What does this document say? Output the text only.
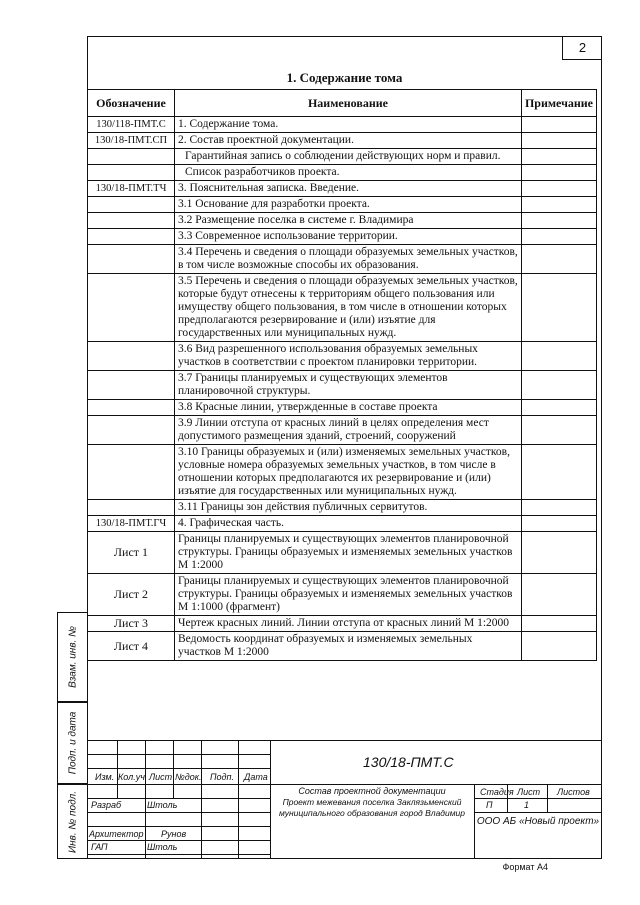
2
1. Содержание тома
Обозначение	Наименование	Примечание
130/118-ПМТ.С	1. Содержание тома.	
130/18-ПМТ.СП	2. Состав проектной документации.	
	Гарантийная запись о соблюдении действующих норм и правил.	
	Список разработчиков проекта.	
130/18-ПМТ.ТЧ	3. Пояснительная записка. Введение.	
	3.1 Основание для разработки проекта.	
	3.2 Размещение поселка в системе г. Владимира	
	3.3 Современное использование территории.	
	3.4 Перечень и сведения о площади образуемых земельных участков, в том числе возможные способы их образования.	
	3.5 Перечень и сведения о площади образуемых земельных участков, которые будут отнесены к территориям общего пользования или имуществу общего пользования, в том числе в отношении которых предполагаются резервирование и (или) изъятие для государственных или муниципальных нужд.	
	3.6 Вид разрешенного использования образуемых земельных участков в соответствии с проектом планировки территории.	
	3.7 Границы планируемых и существующих элементов планировочной структуры.	
	3.8 Красные линии, утвержденные в составе проекта	
	3.9 Линии отступа от красных линий в целях определения мест допустимого размещения зданий, строений, сооружений	
	3.10 Границы образуемых и (или) изменяемых земельных участков, условные номера образуемых земельных участков, в том числе в отношении которых предполагаются их резервирование и (или) изъятие для государственных или муниципальных нужд.	
	3.11 Границы зон действия публичных сервитутов.	
130/18-ПМТ.ГЧ	4. Графическая часть.	
Лист 1	Границы планируемых и существующих элементов планировочной структуры. Границы образуемых и изменяемых земельных участков М 1:2000	
Лист 2	Границы планируемых и существующих элементов планировочной структуры. Границы образуемых и изменяемых земельных участков М 1:1000 (фрагмент)	
Лист 3	Чертеж красных линий. Линии отступа от красных линий М 1:2000	
Лист 4	Ведомость координат образуемых и изменяемых земельных участков М 1:2000	
Взам. инв. №
Подп. и дата
Инв. № подл.
Изм. Кол.уч Лист №док. Подп. Дата
130/18-ПМТ.С
Разраб	Штоль
Архитектор Рунов
ГАП	Штоль
Состав проектной документации
Проект межевания поселка Заклязьменский
муниципального образования город Владимир
Стадия Лист Листов
П	1
ООО АБ «Новый проект»
Формат А4
